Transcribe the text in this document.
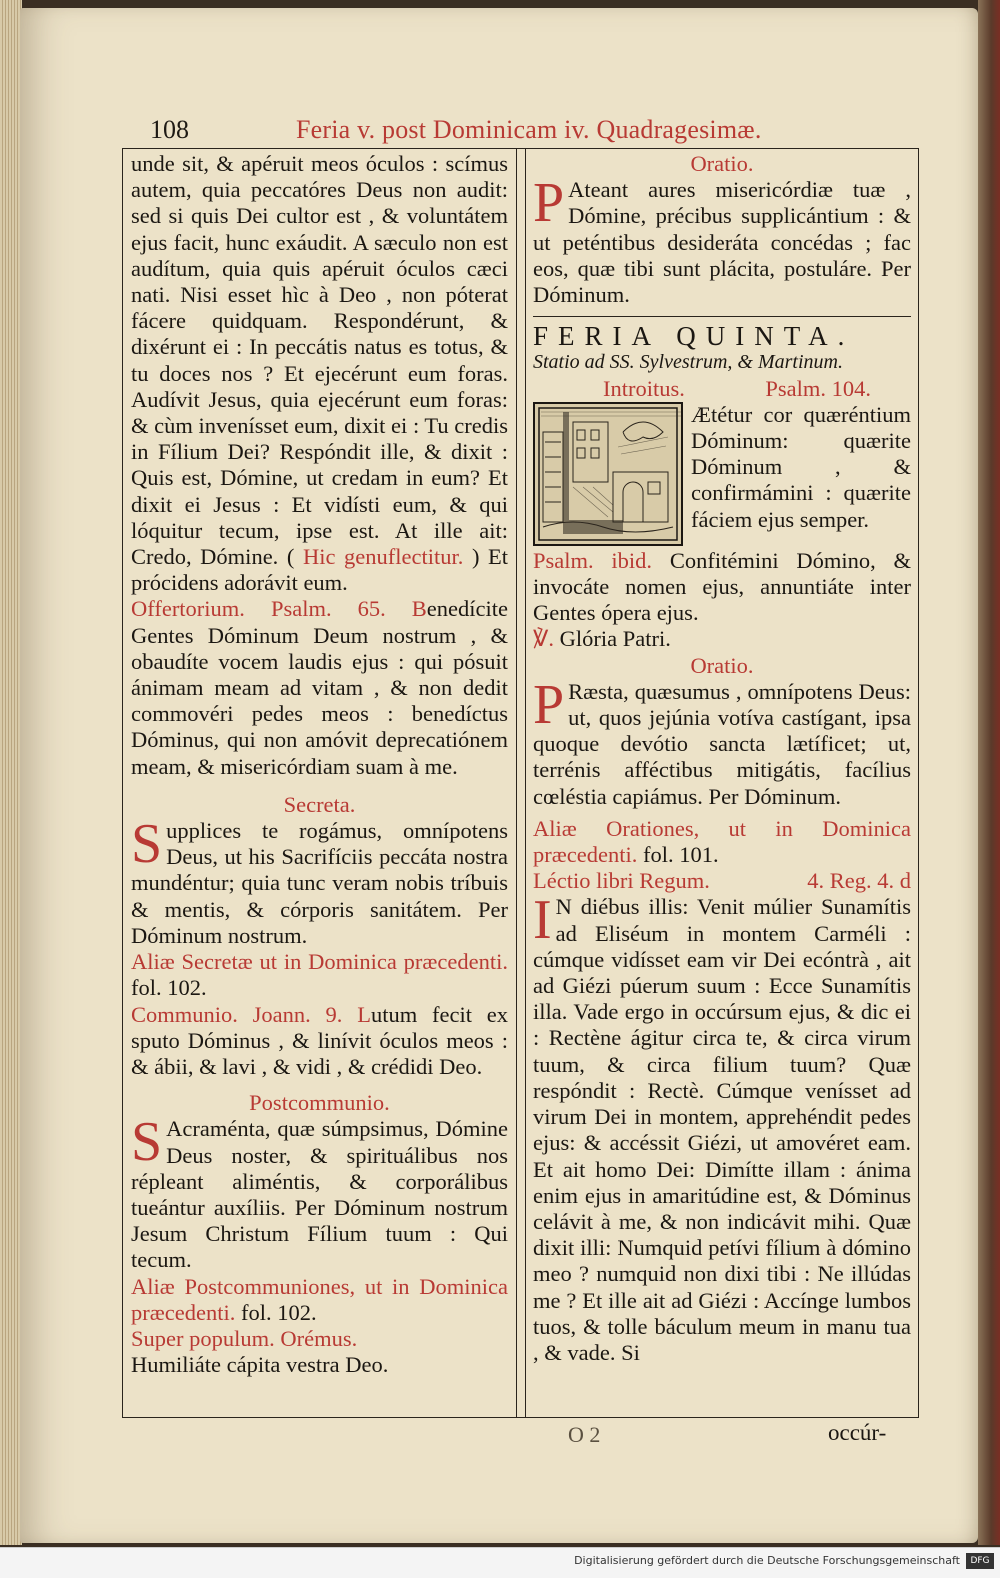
108	Feria v. post Dominicam iv. Quadragesimæ.

unde sit, & apéruit meos óculos : scímus autem, quia peccatóres Deus non audit: sed si quis Dei cultor est , & voluntátem ejus facit, hunc exáudit. A sæculo non est audítum, quia quis apéruit óculos cæci nati. Nisi esset hìc à Deo , non póterat fácere quidquam. Respondérunt, & dixérunt ei : In peccátis natus es totus, & tu doces nos ? Et ejecérunt eum foras. Audívit Jesus, quia ejecérunt eum foras: & cùm invenísset eum, dixit ei : Tu credis in Fílium Dei? Respóndit ille, & dixit : Quis est, Dómine, ut credam in eum? Et dixit ei Jesus : Et vidísti eum, & qui lóquitur tecum, ipse est. At ille ait: Credo, Dómine. ( Hic genuflectitur. ) Et prócidens adorávit eum.

Offertorium. Psalm. 65. Benedícite Gentes Dóminum Deum nostrum , & obaudíte vocem laudis ejus : qui pósuit ánimam meam ad vitam , & non dedit commovéri pedes meos : benedíctus Dóminus, qui non amóvit deprecatiónem meam, & misericórdiam suam à me.

Secreta.

Supplices te rogámus, omnípotens Deus, ut his Sacrifíciis peccáta nostra mundéntur; quia tunc veram nobis tríbuis & mentis, & córporis sanitátem. Per Dóminum nostrum.

Aliæ Secretæ ut in Dominica præcedenti. fol. 102.

Communio. Joann. 9. Lutum fecit ex sputo Dóminus , & linívit óculos meos : & ábii, & lavi , & vidi , & crédidi Deo.

Postcommunio.

S Acraménta, quæ súmpsimus, Dómine Deus noster, & spirituálibus nos répleant aliméntis, & corporálibus tueántur auxíliis. Per Dóminum nostrum Jesum Christum Fílium tuum : Qui tecum.

Aliæ Postcommuniones, ut in Dominica præcedenti. fol. 102.

Super populum. Orémus.

Humiliáte cápita vestra Deo.

Oratio.

P Ateant aures misericórdiæ tuæ , Dómine, précibus supplicántium : & ut peténtibus desideráta concédas ; fac eos, quæ tibi sunt plácita, postuláre. Per Dóminum.

FERIA QUINTA.

Statio ad SS. Sylvestrum, & Martinum.

Introitus.	Psalm. 104.

Ætétur cor quæréntium Dóminum: quærite Dóminum , & confirmámini : quærite fáciem ejus semper.

Psalm. ibid. Confitémini Dómino, & invocáte nomen ejus, annuntiáte inter Gentes ópera ejus.

℣. Glória Patri.

Oratio.

P Ræsta, quæsumus , omnípotens Deus: ut, quos jejúnia votíva castígant, ipsa quoque devótio sancta lætíficet; ut, terrénis afféctibus mitigátis, facílius cœléstia capiámus. Per Dóminum.

Aliæ Orationes, ut in Dominica præcedenti. fol. 101.

Léctio libri Regum.	4. Reg. 4. d

I N diébus illis: Venit múlier Sunamítis ad Eliséum in montem Carméli : cúmque vidísset eam vir Dei ecóntrà , ait ad Giézi púerum suum : Ecce Sunamítis illa. Vade ergo in occúrsum ejus, & dic ei : Rectène ágitur circa te, & circa virum tuum, & circa filium tuum? Quæ respóndit : Rectè. Cúmque venísset ad virum Dei in montem, apprehéndit pedes ejus: & accéssit Giézi, ut amovéret eam. Et ait homo Dei: Dimítte illam : ánima enim ejus in amaritúdine est, & Dóminus celávit à me, & non indicávit mihi. Quæ dixit illi: Numquid petívi fílium à dómino meo ? numquid non dixi tibi : Ne illúdas me ? Et ille ait ad Giézi : Accínge lumbos tuos, & tolle báculum meum in manu tua , & vade. Si

O 2	occúr-
Digitalisierung gefördert durch die Deutsche Forschungsgemeinschaft	DFG
